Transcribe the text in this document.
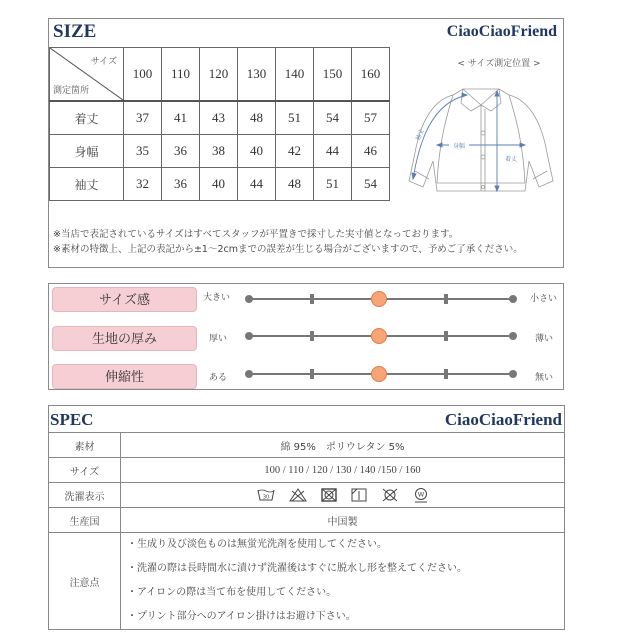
SIZE	CiaoCiaoFriend
サイズ
測定箇所	100	110	120	130	140	150	160
着丈	37	41	43	48	51	54	57
身幅	35	36	38	40	42	44	46
袖丈	32	36	40	44	48	51	54
< サイズ測定位置 >
身幅
着丈
袖丈
※当店で表記されているサイズはすべてスタッフが平置きで採寸した実寸値となっております。
※素材の特徴上、上記の表記から±1～2cmまでの誤差が生じる場合がございますので、予めご了承ください。
サイズ感	大きい	小さい
生地の厚み	厚い	薄い
伸縮性	ある	無い
SPEC	CiaoCiaoFriend
素材	綿 95%　ポリウレタン 5%
サイズ	100 / 110 / 120 / 130 / 140 /150 / 160
洗濯表示	30 W

生産国	中国製
注意点	・生成り及び淡色ものは無蛍光洗剤を使用してください。
・洗濯の際は長時間水に漬けず洗濯後はすぐに脱水し形を整えてください。
・アイロンの際は当て布を使用してください。
・プリント部分へのアイロン掛けはお避け下さい。
